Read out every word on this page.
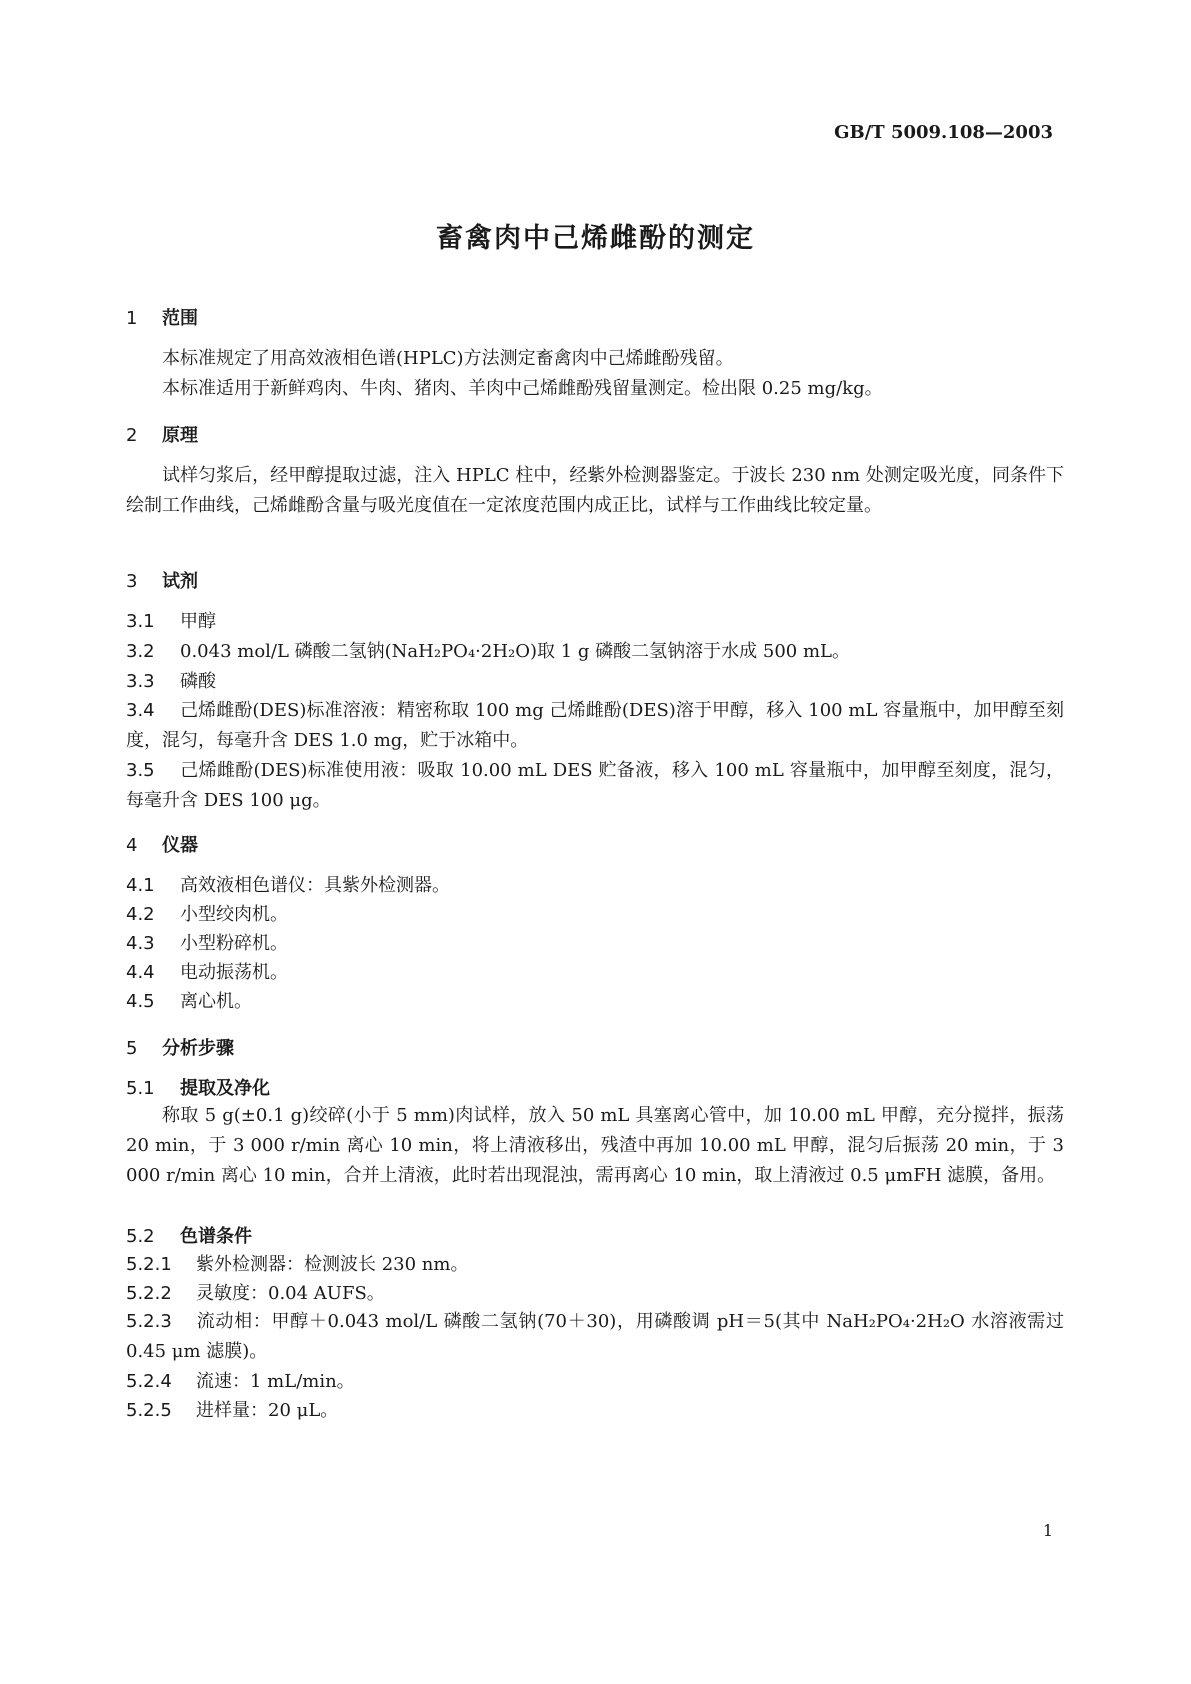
GB/T 5009.108—2003
畜禽肉中己烯雌酚的测定
1 范围
本标准规定了用高效液相色谱(HPLC)方法测定畜禽肉中己烯雌酚残留。
本标准适用于新鲜鸡肉、牛肉、猪肉、羊肉中己烯雌酚残留量测定。检出限 0.25 mg/kg。
2 原理
试样匀浆后，经甲醇提取过滤，注入 HPLC 柱中，经紫外检测器鉴定。于波长 230 nm 处测定吸光度，同条件下绘制工作曲线，己烯雌酚含量与吸光度值在一定浓度范围内成正比，试样与工作曲线比较定量。
3 试剂
3.1 甲醇
3.2 0.043 mol/L 磷酸二氢钠(NaH₂PO₄·2H₂O)取 1 g 磷酸二氢钠溶于水成 500 mL。
3.3 磷酸
3.4 己烯雌酚(DES)标准溶液：精密称取 100 mg 己烯雌酚(DES)溶于甲醇，移入 100 mL 容量瓶中，加甲醇至刻度，混匀，每毫升含 DES 1.0 mg，贮于冰箱中。
3.5 己烯雌酚(DES)标准使用液：吸取 10.00 mL DES 贮备液，移入 100 mL 容量瓶中，加甲醇至刻度，混匀，每毫升含 DES 100 μg。
4 仪器
4.1 高效液相色谱仪：具紫外检测器。
4.2 小型绞肉机。
4.3 小型粉碎机。
4.4 电动振荡机。
4.5 离心机。
5 分析步骤
5.1 提取及净化
称取 5 g(±0.1 g)绞碎(小于 5 mm)肉试样，放入 50 mL 具塞离心管中，加 10.00 mL 甲醇，充分搅拌，振荡 20 min，于 3 000 r/min 离心 10 min，将上清液移出，残渣中再加 10.00 mL 甲醇，混匀后振荡 20 min，于 3 000 r/min 离心 10 min，合并上清液，此时若出现混浊，需再离心 10 min，取上清液过 0.5 μmFH 滤膜，备用。
5.2 色谱条件
5.2.1 紫外检测器：检测波长 230 nm。
5.2.2 灵敏度：0.04 AUFS。
5.2.3 流动相：甲醇＋0.043 mol/L 磷酸二氢钠(70＋30)，用磷酸调 pH＝5(其中 NaH₂PO₄·2H₂O 水溶液需过 0.45 μm 滤膜)。
5.2.4 流速：1 mL/min。
5.2.5 进样量：20 μL。
1
